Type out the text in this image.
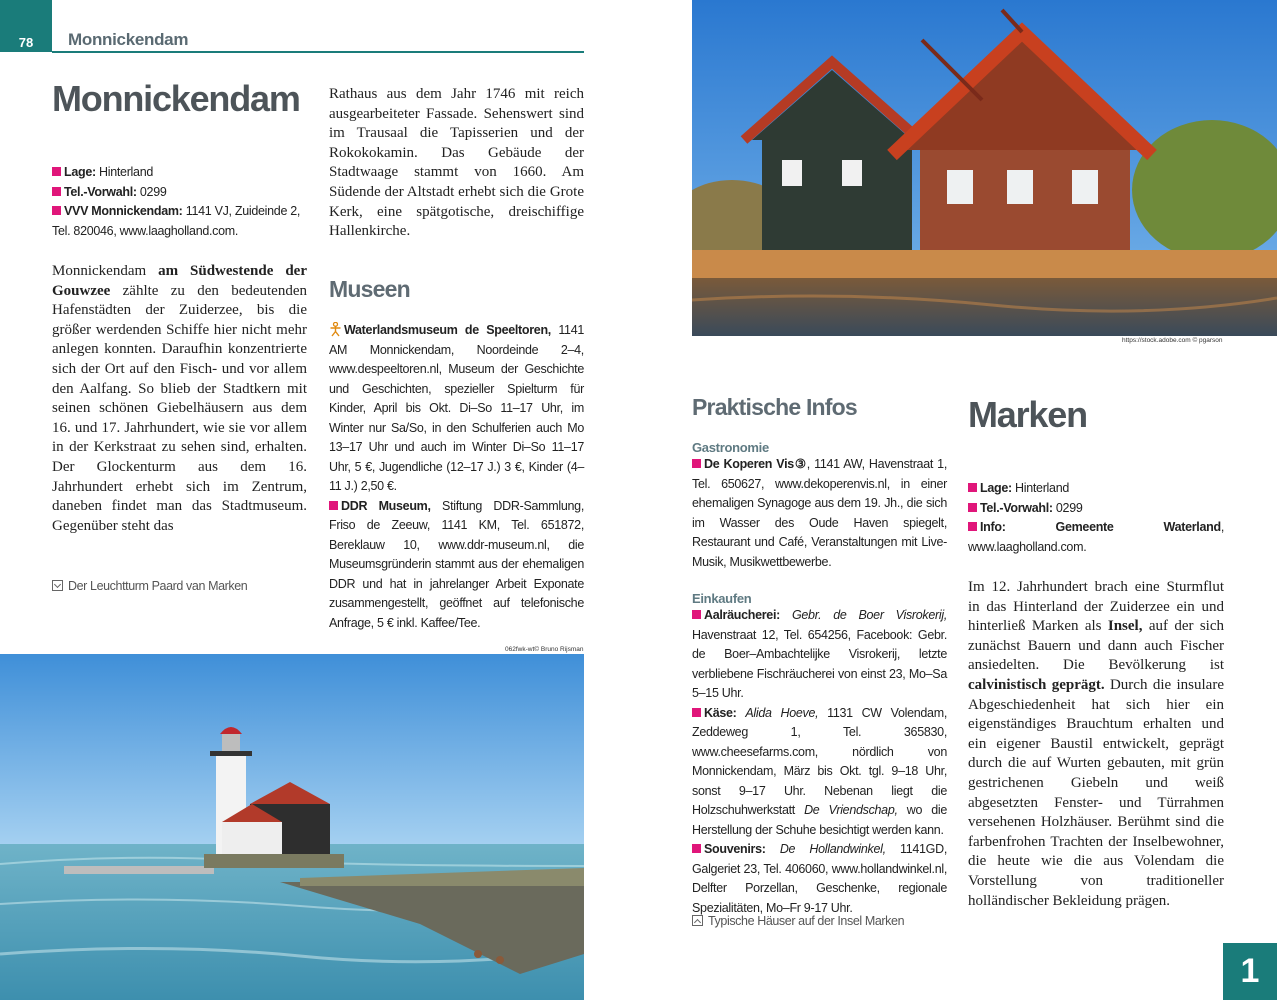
78	Monnickendam
Monnickendam
Lage: Hinterland
Tel.-Vorwahl: 0299
VVV Monnickendam: 1141 VJ, Zuideinde 2, Tel. 820046, www.laagholland.com.
Monnickendam am Südwestende der Gouwzee zählte zu den bedeutenden Hafenstädten der Zuiderzee, bis die größer werdenden Schiffe hier nicht mehr anlegen konnten. Daraufhin konzentrierte sich der Ort auf den Fisch- und vor allem den Aalfang. So blieb der Stadtkern mit seinen schönen Giebelhäusern aus dem 16. und 17. Jahrhundert, wie sie vor allem in der Kerkstraat zu sehen sind, erhalten. Der Glockenturm aus dem 16. Jahrhundert erhebt sich im Zentrum, daneben findet man das Stadtmuseum. Gegenüber steht das
Der Leuchtturm Paard van Marken
Rathaus aus dem Jahr 1746 mit reich ausgearbeiteter Fassade. Sehenswert sind im Trausaal die Tapisserien und der Rokokokamin. Das Gebäude der Stadtwaage stammt von 1660. Am Südende der Altstadt erhebt sich die Grote Kerk, eine spätgotische, dreischiffige Hallenkirche.
Museen
Waterlandsmuseum de Speeltoren, 1141 AM Monnickendam, Noordeinde 2–4, www.despeeltoren.nl, Museum der Geschichte und Geschichten, spezieller Spielturm für Kinder, April bis Okt. Di–So 11–17 Uhr, im Winter nur Sa/So, in den Schulferien auch Mo 13–17 Uhr und auch im Winter Di–So 11–17 Uhr, 5 €, Jugendliche (12–17 J.) 3 €, Kinder (4–11 J.) 2,50 €.
DDR Museum, Stiftung DDR-Sammlung, Friso de Zeeuw, 1141 KM, Tel. 651872, Bereklauw 10, www.ddr-museum.nl, die Museumsgründerin stammt aus der ehemaligen DDR und hat in jahrelanger Arbeit Exponate zusammengestellt, geöffnet auf telefonische Anfrage, 5 € inkl. Kaffee/Tee.
062fwk-wt© Bruno Rijsman
https://stock.adobe.com © pgarson
Praktische Infos
Gastronomie
De Koperen Vis③, 1141 AW, Havenstraat 1, Tel. 650627, www.dekoperenvis.nl, in einer ehemaligen Synagoge aus dem 19. Jh., die sich im Wasser des Oude Haven spiegelt, Restaurant und Café, Veranstaltungen mit Live-Musik, Musikwettbewerbe.
Einkaufen
Aalräucherei: Gebr. de Boer Visrokerij, Havenstraat 12, Tel. 654256, Facebook: Gebr. de Boer–Ambachtelijke Visrokerij, letzte verbliebene Fischräucherei von einst 23, Mo–Sa 5–15 Uhr.
Käse: Alida Hoeve, 1131 CW Volendam, Zeddeweg 1, Tel. 365830, www.cheesefarms.com, nördlich von Monnickendam, März bis Okt. tgl. 9–18 Uhr, sonst 9–17 Uhr. Nebenan liegt die Holzschuhwerkstatt De Vriendschap, wo die Herstellung der Schuhe besichtigt werden kann.
Souvenirs: De Hollandwinkel, 1141GD, Galgeriet 23, Tel. 406060, www.hollandwinkel.nl, Delfter Porzellan, Geschenke, regionale Spezialitäten, Mo–Fr 9-17 Uhr.
Typische Häuser auf der Insel Marken
Marken
Lage: Hinterland
Tel.-Vorwahl: 0299
Info: Gemeente Waterland, www.laagholland.com.
Im 12. Jahrhundert brach eine Sturmflut in das Hinterland der Zuiderzee ein und hinterließ Marken als Insel, auf der sich zunächst Bauern und dann auch Fischer ansiedelten. Die Bevölkerung ist calvinistisch geprägt. Durch die insulare Abgeschiedenheit hat sich hier ein eigenständiges Brauchtum erhalten und ein eigener Baustil entwickelt, geprägt durch die auf Wurten gebauten, mit grün gestrichenen Giebeln und weiß abgesetzten Fenster- und Türrahmen versehenen Holzhäuser. Berühmt sind die farbenfrohen Trachten der Inselbewohner, die heute wie die aus Volendam die Vorstellung von traditioneller holländischer Bekleidung prägen.
1
